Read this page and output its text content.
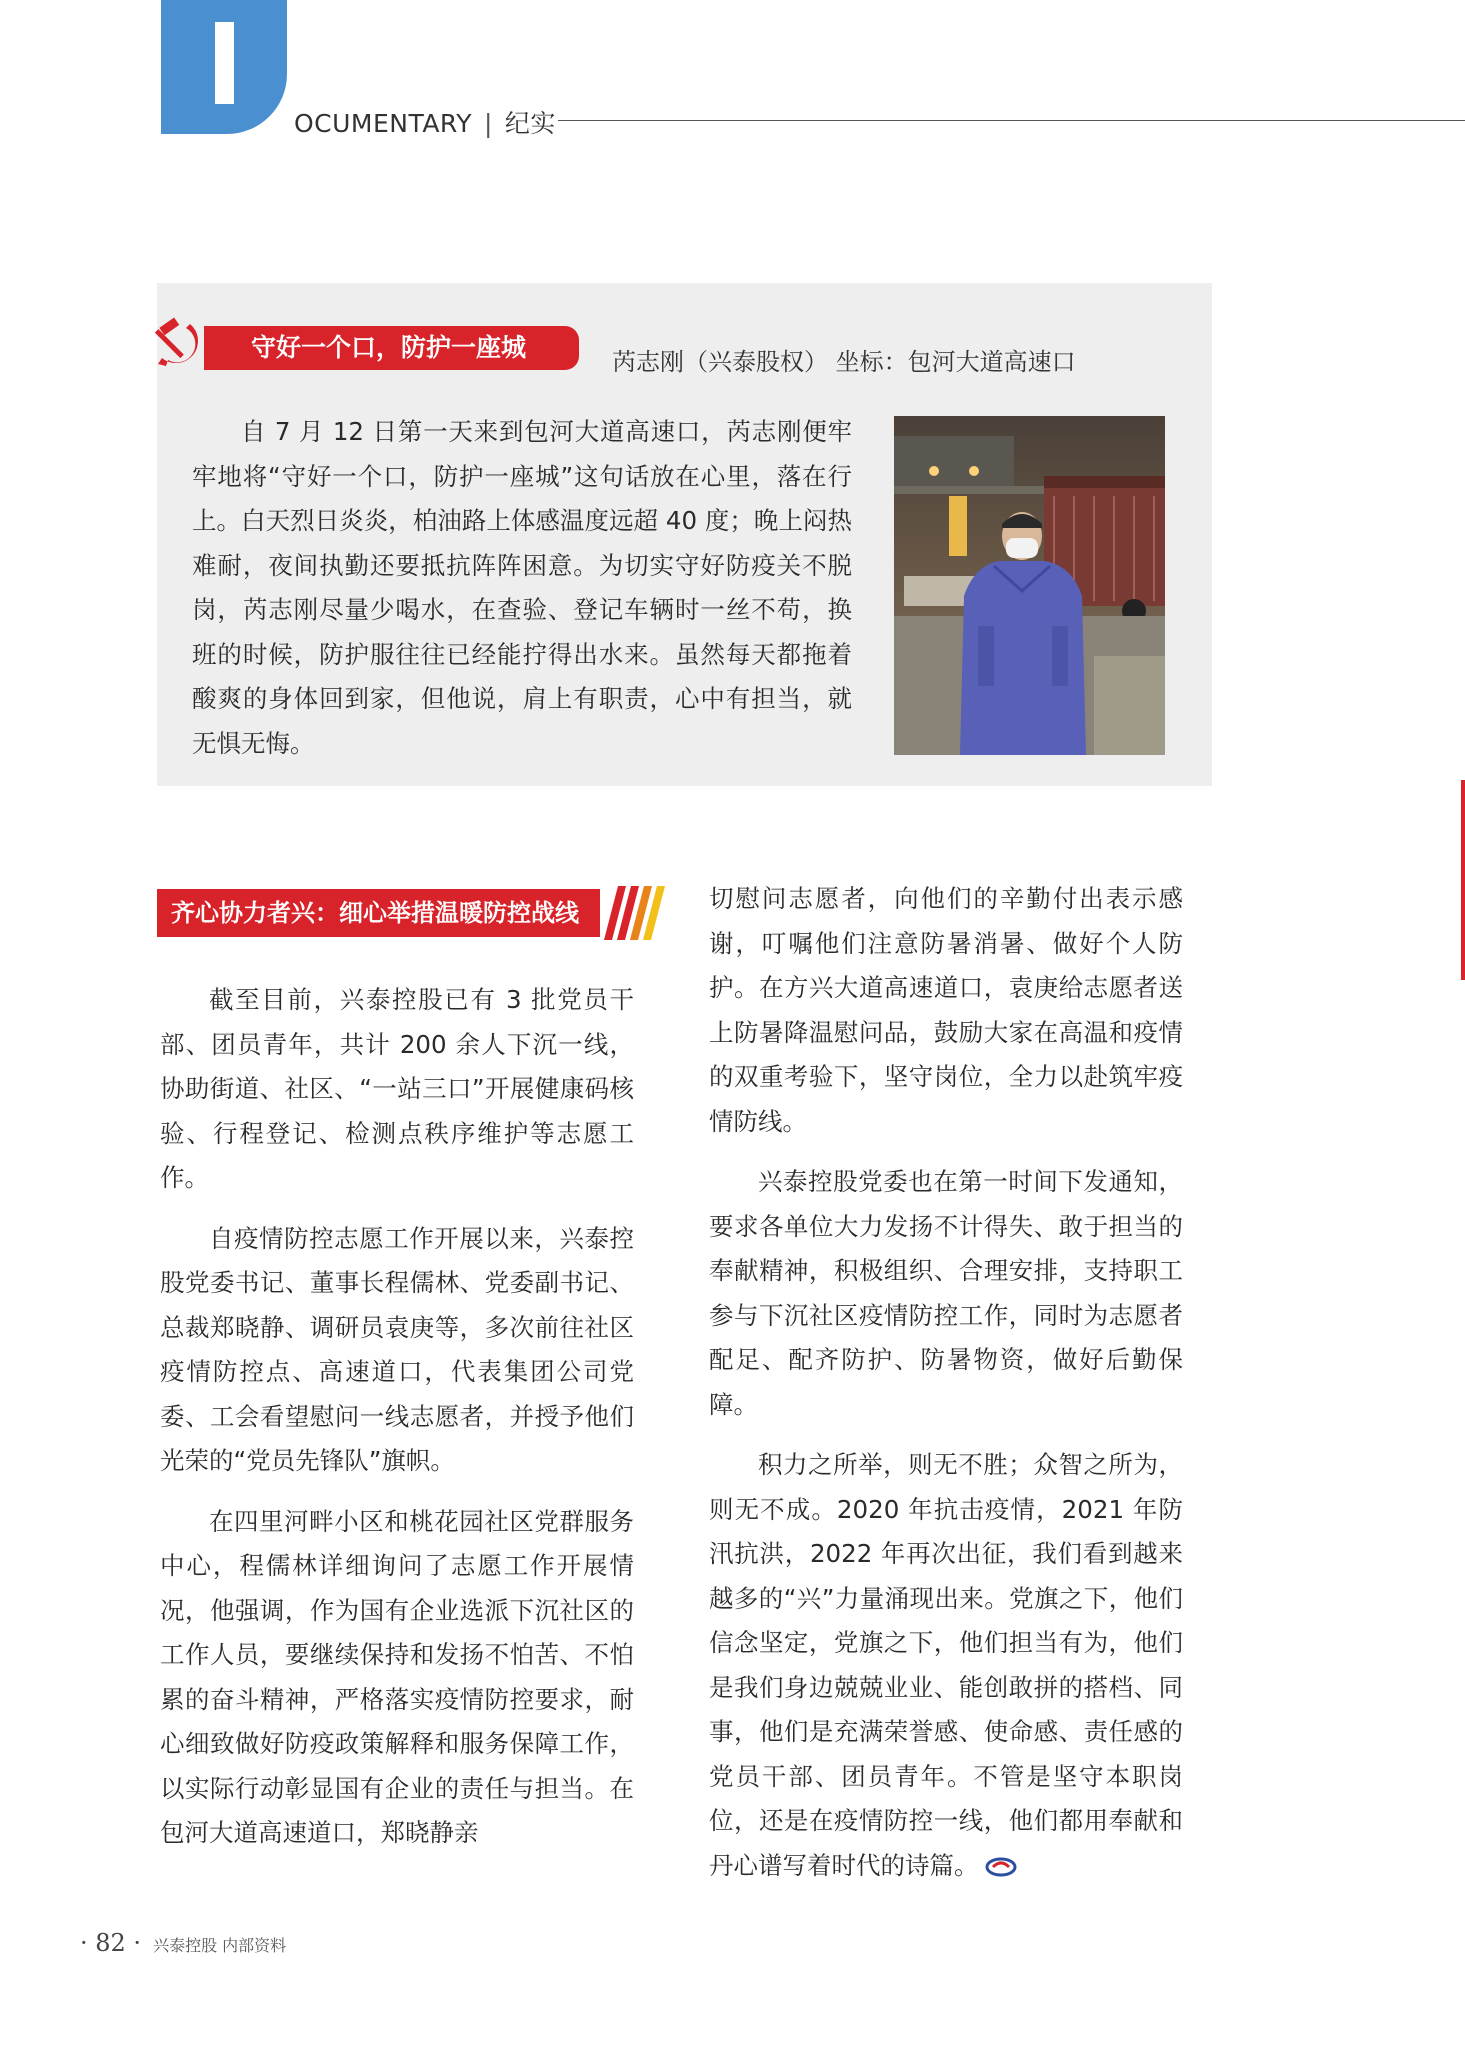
OCUMENTARY | 纪实
守好一个口，防护一座城	芮志刚（兴泰股权） 坐标：包河大道高速口

自 7 月 12 日第一天来到包河大道高速口，芮志刚便牢牢地将“守好一个口，防护一座城”这句话放在心里，落在行上。白天烈日炎炎，柏油路上体感温度远超 40 度；晚上闷热难耐，夜间执勤还要抵抗阵阵困意。为切实守好防疫关不脱岗，芮志刚尽量少喝水，在查验、登记车辆时一丝不苟，换班的时候，防护服往往已经能拧得出水来。虽然每天都拖着酸爽的身体回到家，但他说，肩上有职责，心中有担当，就无惧无悔。

齐心协力者兴：细心举措温暖防控战线

截至目前，兴泰控股已有 3 批党员干部、团员青年，共计 200 余人下沉一线，协助街道、社区、“一站三口”开展健康码核验、行程登记、检测点秩序维护等志愿工作。

自疫情防控志愿工作开展以来，兴泰控股党委书记、董事长程儒林、党委副书记、总裁郑晓静、调研员袁庚等，多次前往社区疫情防控点、高速道口，代表集团公司党委、工会看望慰问一线志愿者，并授予他们光荣的“党员先锋队”旗帜。

在四里河畔小区和桃花园社区党群服务中心，程儒林详细询问了志愿工作开展情况，他强调，作为国有企业选派下沉社区的工作人员，要继续保持和发扬不怕苦、不怕累的奋斗精神，严格落实疫情防控要求，耐心细致做好防疫政策解释和服务保障工作，以实际行动彰显国有企业的责任与担当。在包河大道高速道口，郑晓静亲

切慰问志愿者，向他们的辛勤付出表示感谢，叮嘱他们注意防暑消暑、做好个人防护。在方兴大道高速道口，袁庚给志愿者送上防暑降温慰问品，鼓励大家在高温和疫情的双重考验下，坚守岗位，全力以赴筑牢疫情防线。

兴泰控股党委也在第一时间下发通知，要求各单位大力发扬不计得失、敢于担当的奉献精神，积极组织、合理安排，支持职工参与下沉社区疫情防控工作，同时为志愿者配足、配齐防护、防暑物资，做好后勤保障。

积力之所举，则无不胜；众智之所为，则无不成。2020 年抗击疫情，2021 年防汛抗洪，2022 年再次出征，我们看到越来越多的“兴”力量涌现出来。党旗之下，他们信念坚定，党旗之下，他们担当有为，他们是我们身边兢兢业业、能创敢拼的搭档、同事，他们是充满荣誉感、使命感、责任感的党员干部、团员青年。不管是坚守本职岗位，还是在疫情防控一线，他们都用奉献和丹心谱写着时代的诗篇。

· 82 · 兴泰控股 内部资料
